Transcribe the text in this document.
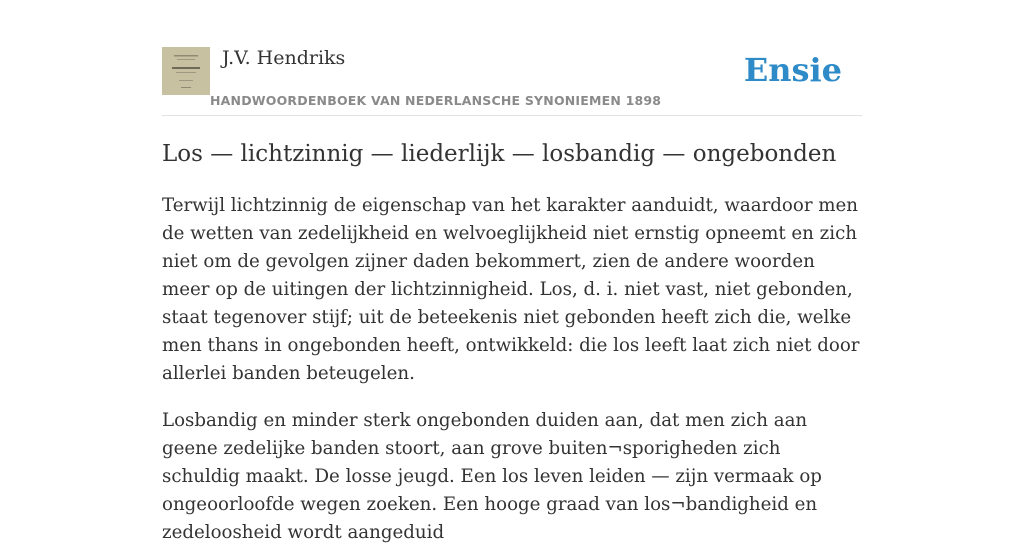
J.V. Hendriks
HANDWOORDENBOEK VAN NEDERLANSCHE SYNONIEMEN 1898
Ensie
Los — lichtzinnig — liederlijk — losbandig — ongebonden

Terwijl lichtzinnig de eigenschap van het karakter aanduidt, waardoor men de wetten van zedelijkheid en welvoeglijkheid niet ernstig opneemt en zich niet om de gevolgen zijner daden bekommert, zien de andere woorden meer op de uitingen der lichtzinnigheid. Los, d. i. niet vast, niet gebonden, staat tegenover stijf; uit de beteekenis niet gebonden heeft zich die, welke men thans in ongebonden heeft, ontwikkeld: die los leeft laat zich niet door allerlei banden beteugelen.

Losbandig en minder sterk ongebonden duiden aan, dat men zich aan geene zedelijke banden stoort, aan grove buiten¬sporigheden zich schuldig maakt. De losse jeugd. Een los leven leiden — zijn vermaak op ongeoorloofde wegen zoeken. Een hooge graad van los¬bandigheid en zedeloosheid wordt aangeduid
